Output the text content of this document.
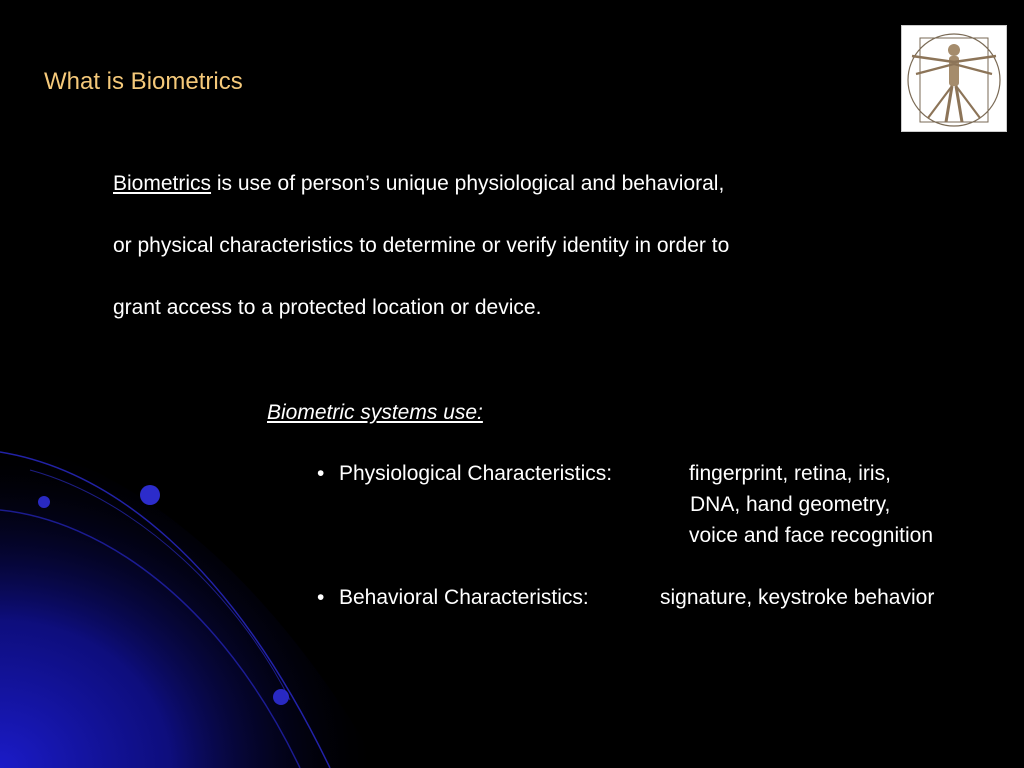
What is Biometrics

Biometrics is use of person’s unique physiological and behavioral,

or physical characteristics to determine or verify identity in order to

grant access to a protected location or device.

Biometric systems use:
• Physiological Characteristics:	fingerprint, retina, iris,
DNA, hand geometry,
voice and face recognition
• Behavioral Characteristics:	signature, keystroke behavior
